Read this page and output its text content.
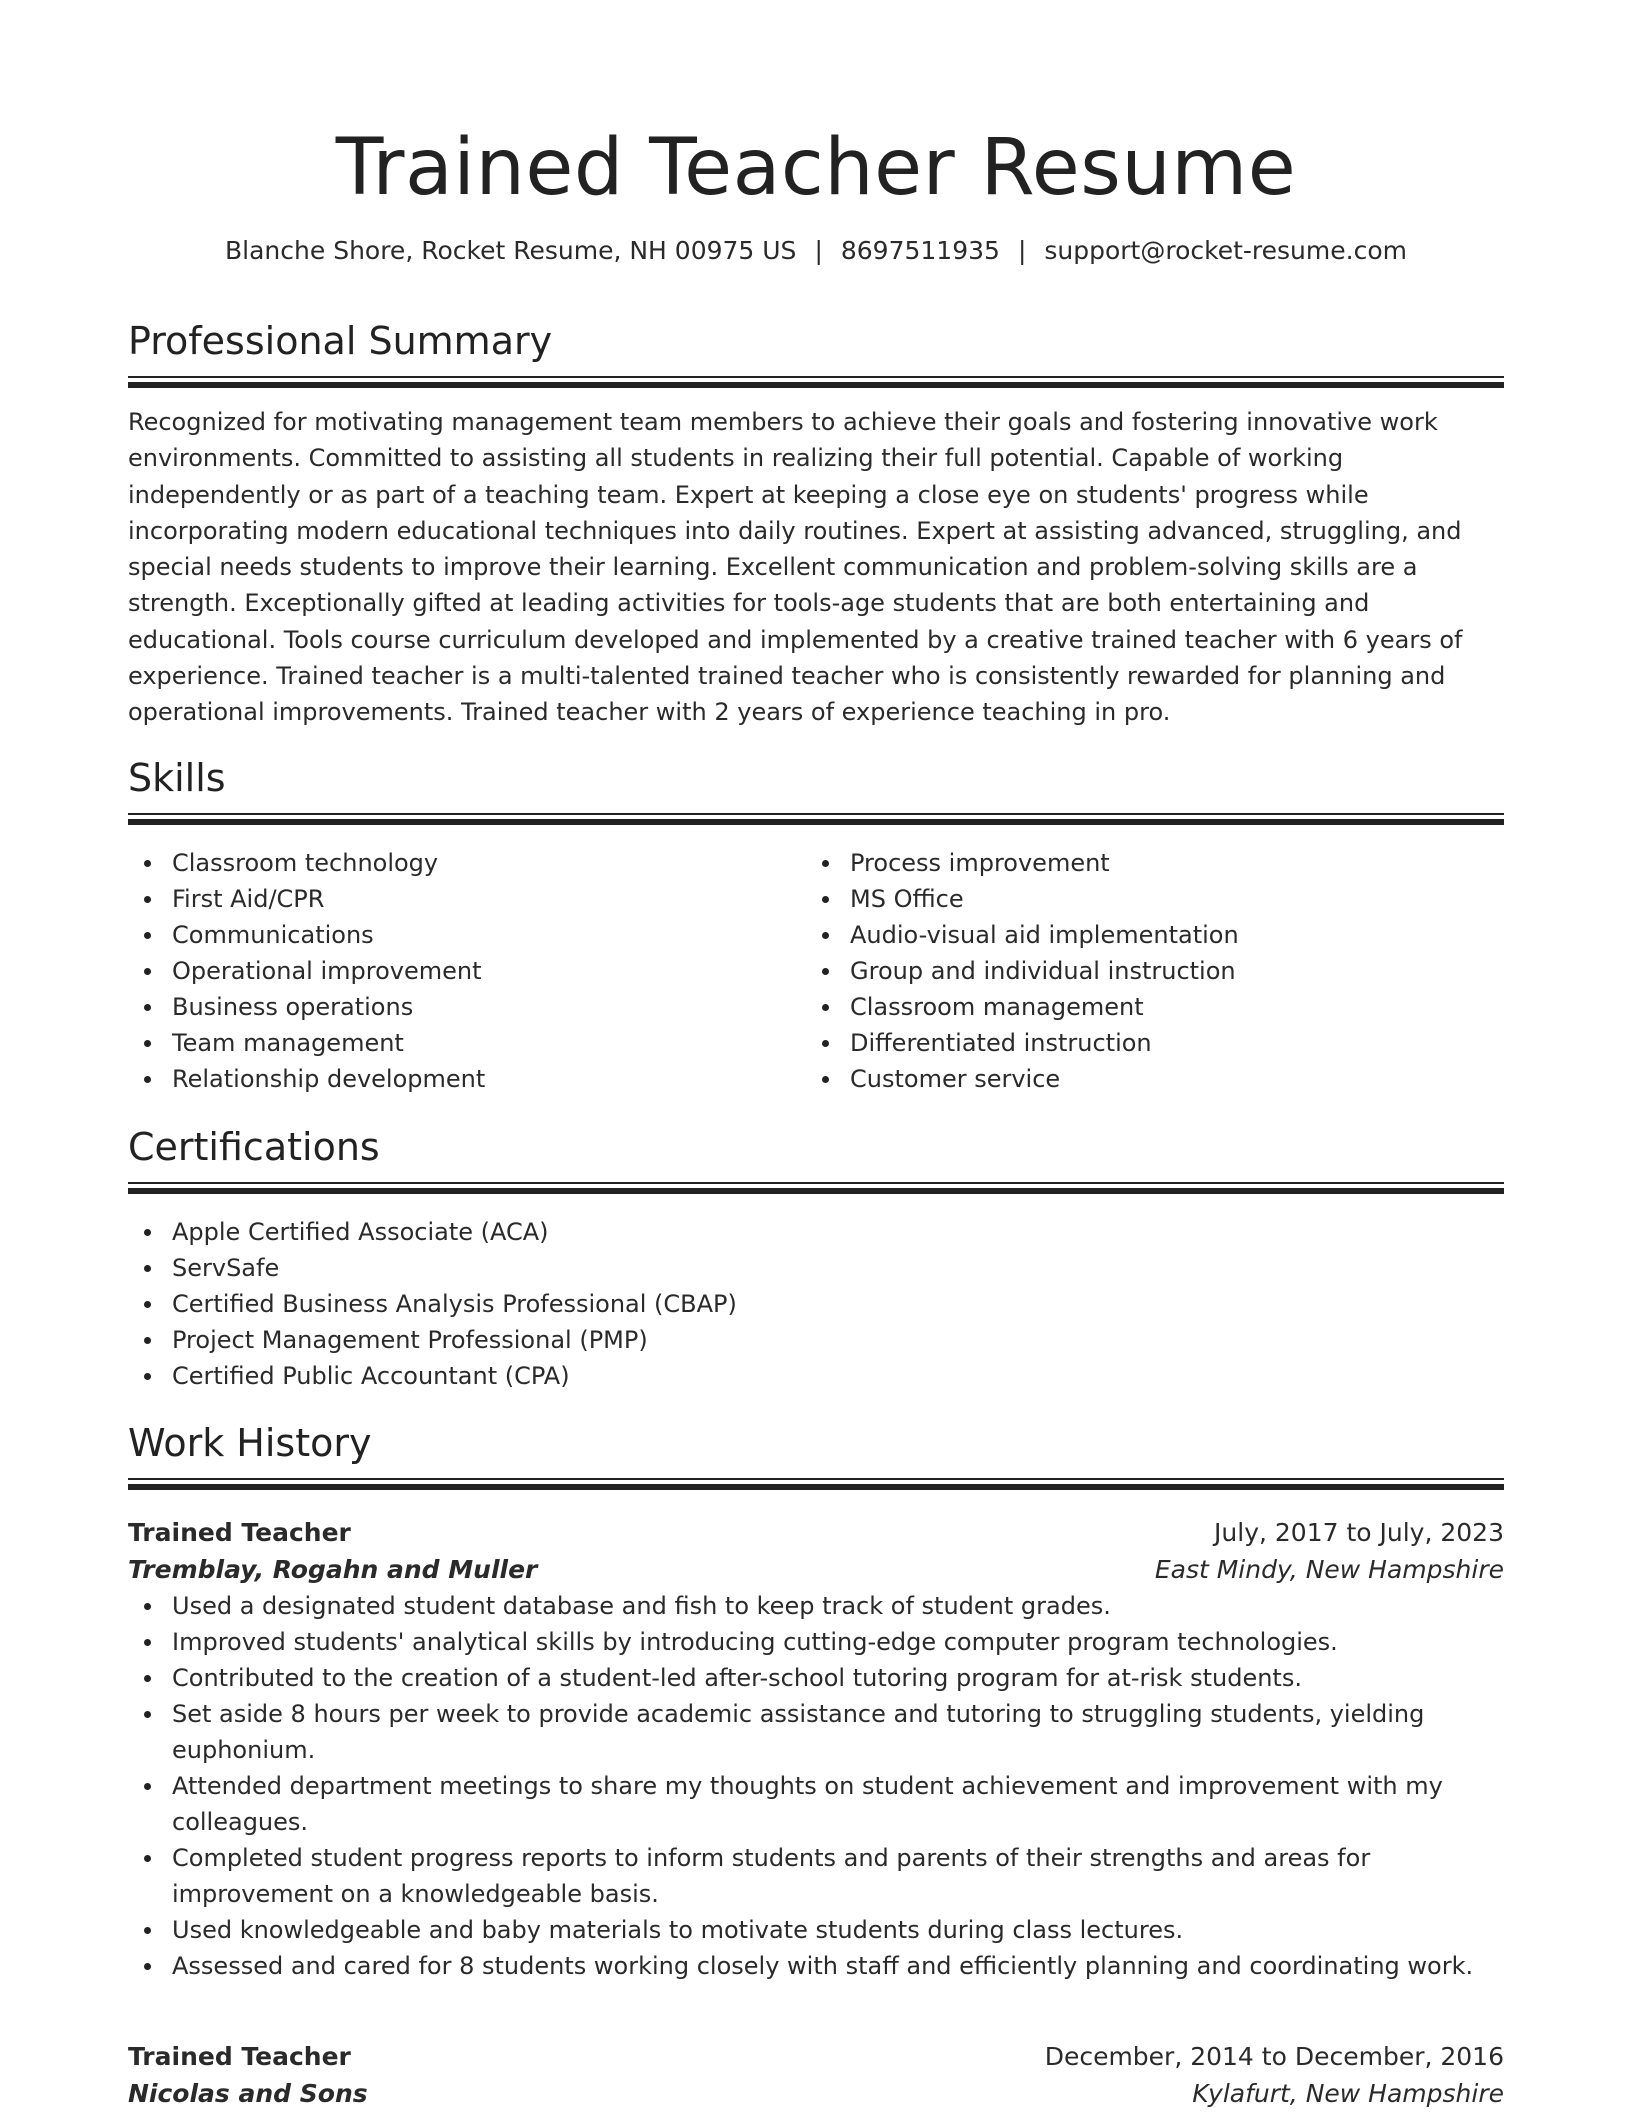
Trained Teacher Resume
Blanche Shore, Rocket Resume, NH 00975 US | 8697511935 | support@rocket-resume.com
Professional Summary

Recognized for motivating management team members to achieve their goals and fostering innovative work environments. Committed to assisting all students in realizing their full potential. Capable of working independently or as part of a teaching team. Expert at keeping a close eye on students' progress while incorporating modern educational techniques into daily routines. Expert at assisting advanced, struggling, and special needs students to improve their learning. Excellent communication and problem-solving skills are a strength. Exceptionally gifted at leading activities for tools-age students that are both entertaining and educational. Tools course curriculum developed and implemented by a creative trained teacher with 6 years of experience. Trained teacher is a multi-talented trained teacher who is consistently rewarded for planning and operational improvements. Trained teacher with 2 years of experience teaching in pro.

Skills
Classroom technology
First Aid/CPR
Communications
Operational improvement
Business operations
Team management
Relationship development
Process improvement
MS Office
Audio-visual aid implementation
Group and individual instruction
Classroom management
Differentiated instruction
Customer service
Certifications
Apple Certified Associate (ACA)
ServSafe
Certified Business Analysis Professional (CBAP)
Project Management Professional (PMP)
Certified Public Accountant (CPA)
Work History
Trained Teacher	July, 2017 to July, 2023
Tremblay, Rogahn and Muller	East Mindy, New Hampshire
Used a designated student database and fish to keep track of student grades.
Improved students' analytical skills by introducing cutting-edge computer program technologies.
Contributed to the creation of a student-led after-school tutoring program for at-risk students.
Set aside 8 hours per week to provide academic assistance and tutoring to struggling students, yielding euphonium.
Attended department meetings to share my thoughts on student achievement and improvement with my colleagues.
Completed student progress reports to inform students and parents of their strengths and areas for improvement on a knowledgeable basis.
Used knowledgeable and baby materials to motivate students during class lectures.
Assessed and cared for 8 students working closely with staff and efficiently planning and coordinating work.
Trained Teacher	December, 2014 to December, 2016
Nicolas and Sons	Kylafurt, New Hampshire
